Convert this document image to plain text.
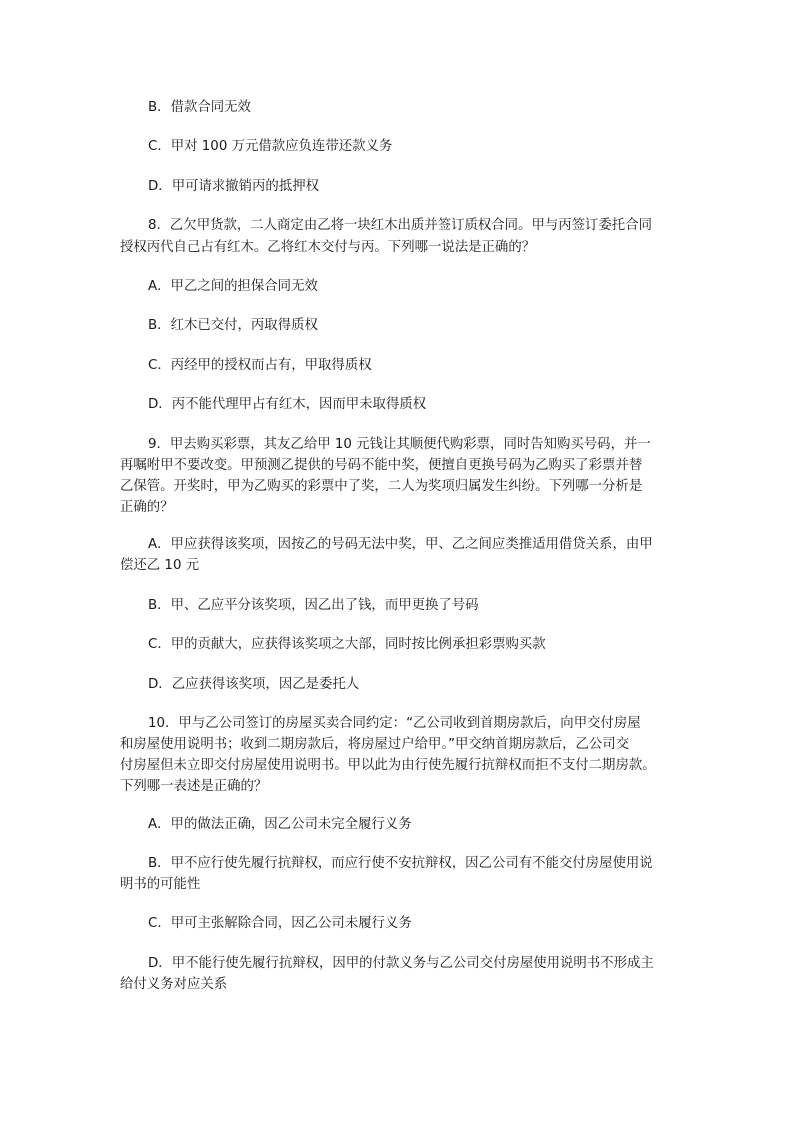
B．借款合同无效

C．甲对 100 万元借款应负连带还款义务

D．甲可请求撤销丙的抵押权

8．乙欠甲货款，二人商定由乙将一块红木出质并签订质权合同。甲与丙签订委托合同

授权丙代自己占有红木。乙将红木交付与丙。下列哪一说法是正确的？

A．甲乙之间的担保合同无效

B．红木已交付，丙取得质权

C．丙经甲的授权而占有，甲取得质权

D．丙不能代理甲占有红木，因而甲未取得质权

9．甲去购买彩票，其友乙给甲 10 元钱让其顺便代购彩票，同时告知购买号码，并一

再嘱咐甲不要改变。甲预测乙提供的号码不能中奖，便擅自更换号码为乙购买了彩票并替

乙保管。开奖时，甲为乙购买的彩票中了奖，二人为奖项归属发生纠纷。下列哪一分析是

正确的？

A．甲应获得该奖项，因按乙的号码无法中奖，甲、乙之间应类推适用借贷关系，由甲

偿还乙 10 元

B．甲、乙应平分该奖项，因乙出了钱，而甲更换了号码

C．甲的贡献大，应获得该奖项之大部，同时按比例承担彩票购买款

D．乙应获得该奖项，因乙是委托人

10．甲与乙公司签订的房屋买卖合同约定：“乙公司收到首期房款后，向甲交付房屋

和房屋使用说明书；收到二期房款后，将房屋过户给甲。”甲交纳首期房款后，乙公司交

付房屋但未立即交付房屋使用说明书。甲以此为由行使先履行抗辩权而拒不支付二期房款。

下列哪一表述是正确的？

A．甲的做法正确，因乙公司未完全履行义务

B．甲不应行使先履行抗辩权，而应行使不安抗辩权，因乙公司有不能交付房屋使用说

明书的可能性

C．甲可主张解除合同，因乙公司未履行义务

D．甲不能行使先履行抗辩权，因甲的付款义务与乙公司交付房屋使用说明书不形成主

给付义务对应关系
